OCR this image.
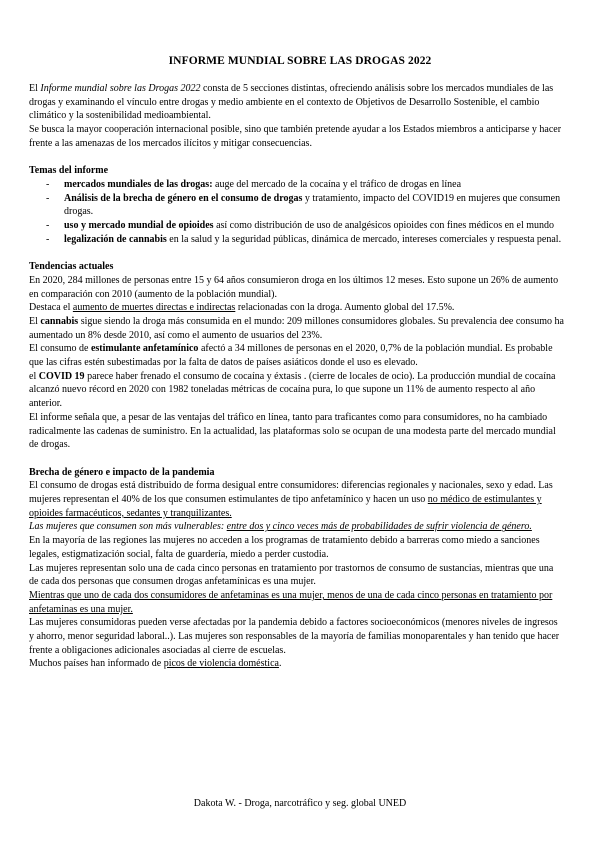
INFORME MUNDIAL SOBRE LAS DROGAS 2022

El Informe mundial sobre las Drogas 2022 consta de 5 secciones distintas, ofreciendo análisis sobre los mercados mundiales de las drogas y examinando el vínculo entre drogas y medio ambiente en el contexto de Objetivos de Desarrollo Sostenible, el cambio climático y la sostenibilidad medioambiental.

Se busca la mayor cooperación internacional posible, sino que también pretende ayudar a los Estados miembros a anticiparse y hacer frente a las amenazas de los mercados ilícitos y mitigar consecuencias.

Temas del informe
- mercados mundiales de las drogas: auge del mercado de la cocaína y el tráfico de drogas en línea
- Análisis de la brecha de género en el consumo de drogas y tratamiento, impacto del COVID19 en mujeres que consumen drogas.
- uso y mercado mundial de opioides así como distribución de uso de analgésicos opioides con fines médicos en el mundo
- legalización de cannabis en la salud y la seguridad públicas, dinámica de mercado, intereses comerciales y respuesta penal.
Tendencias actuales

En 2020, 284 millones de personas entre 15 y 64 años consumieron droga en los últimos 12 meses. Esto supone un 26% de aumento en comparación con 2010 (aumento de la población mundial).

Destaca el aumento de muertes directas e indirectas relacionadas con la droga. Aumento global del 17.5%.

El cannabis sigue siendo la droga más consumida en el mundo: 209 millones consumidores globales. Su prevalencia dee consumo ha aumentado un 8% desde 2010, así como el aumento de usuarios del 23%.

El consumo de estimulante anfetamínico afectó a 34 millones de personas en el 2020, 0,7% de la población mundial. Es probable que las cifras estén subestimadas por la falta de datos de países asiáticos donde el uso es elevado.

el COVID 19 parece haber frenado el consumo de cocaína y éxtasis . (cierre de locales de ocio). La producción mundial de cocaína alcanzó nuevo récord en 2020 con 1982 toneladas métricas de cocaína pura, lo que supone un 11% de aumento respecto al año anterior.

El informe señala que, a pesar de las ventajas del tráfico en línea, tanto para traficantes como para consumidores, no ha cambiado radicalmente las cadenas de suministro. En la actualidad, las plataformas solo se ocupan de una modesta parte del mercado mundial de drogas.

Brecha de género e impacto de la pandemia

El consumo de drogas está distribuido de forma desigual entre consumidores: diferencias regionales y nacionales, sexo y edad. Las mujeres representan el 40% de los que consumen estimulantes de tipo anfetamínico y hacen un uso no médico de estimulantes y opioides farmacéuticos, sedantes y tranquilizantes.

Las mujeres que consumen son más vulnerables: entre dos y cinco veces más de probabilidades de sufrir violencia de género.

En la mayoría de las regiones las mujeres no acceden a los programas de tratamiento debido a barreras como miedo a sanciones legales, estigmatización social, falta de guardería, miedo a perder custodia.

Las mujeres representan solo una de cada cinco personas en tratamiento por trastornos de consumo de sustancias, mientras que una de cada dos personas que consumen drogas anfetamínicas es una mujer.

Mientras que uno de cada dos consumidores de anfetaminas es una mujer, menos de una de cada cinco personas en tratamiento por anfetaminas es una mujer.

Las mujeres consumidoras pueden verse afectadas por la pandemia debido a factores socioeconómicos (menores niveles de ingresos y ahorro, menor seguridad laboral..). Las mujeres son responsables de la mayoría de familias monoparentales y han tenido que hacer frente a obligaciones adicionales asociadas al cierre de escuelas.

Muchos países han informado de picos de violencia doméstica.

Dakota W. - Droga, narcotráfico y seg. global UNED
